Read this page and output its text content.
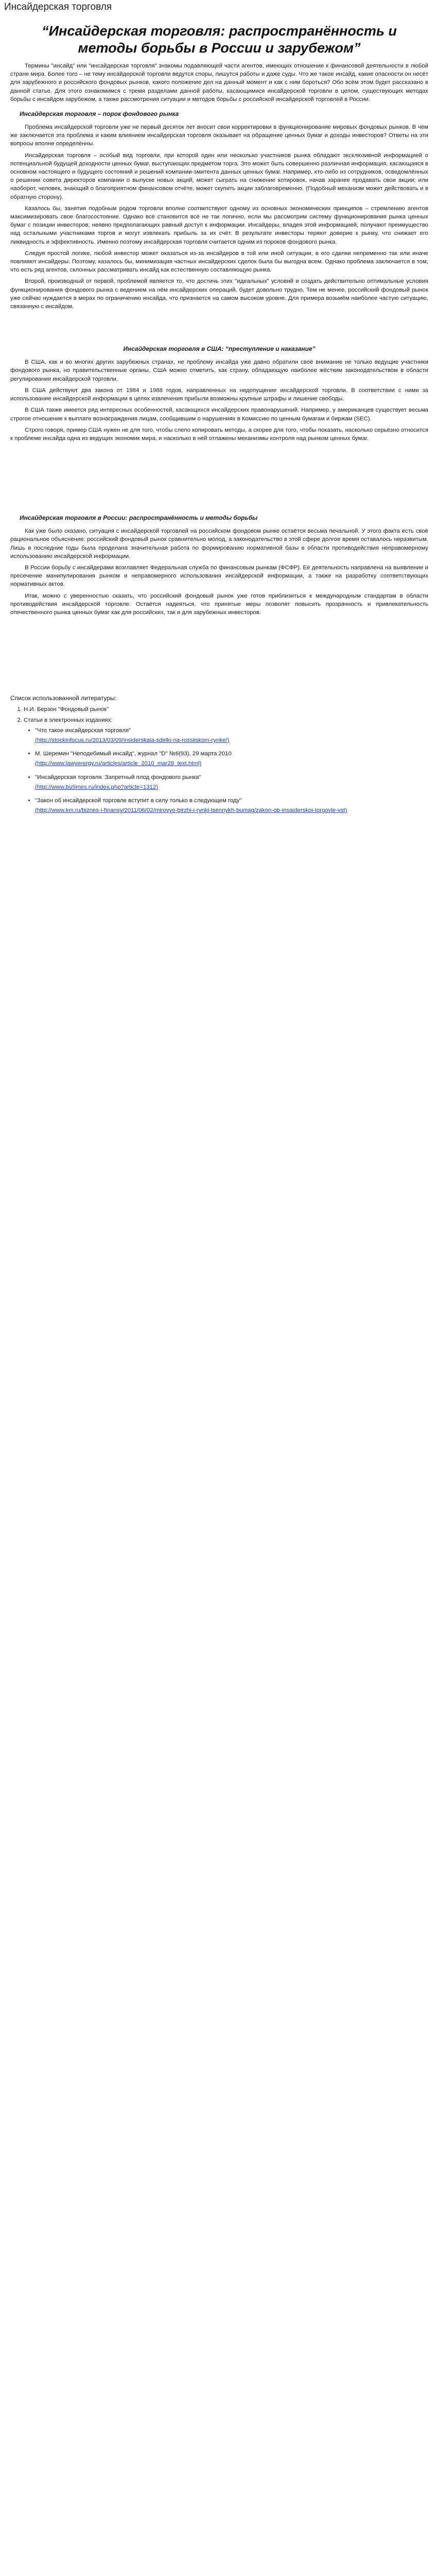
Инсайдерская торговля
“Инсайдерская торговля: распространённость и методы борьбы в России и зарубежом”

Термины "инсайд" или "инсайдерская торговля" знакомы подавляющей части агентов, имеющих отношение к финансовой деятельности в любой стране мира. Более того – не тему инсайдерской торговли ведутся споры, пишутся работы и даже суды. Что же такое инсайд, какие опасности он несёт для зарубежного и российского фондовых рынков, какого положение дел на данный момент и как с ним бороться? Обо всём этом будет рассказано в данной статье. Для этого ознакомимся с тремя разделами данной работы, касающимися инсайдерской торговли в целом, существующих методах борьбы с инсайдом зарубежом, а также рассмотрения ситуации и методов борьбы с российской инсайдерской торговлей в России.

Инсайдерская торговля – порок фондового рынка

Проблема инсайдерской торговли уже не первый десяток лет вносит свои корректировки в функционирование мировых фондовых рынков. В чём же заключается эта проблема и каким влиянием инсайдерская торговля оказывает на обращение ценных бумаг и доходы инвесторов? Ответы на эти вопросы вполне определённы.

Инсайдерская торговля – особый вид торговли, при которой один или несколько участников рынка обладают эксклюзивной информацией о потенциальной будущей доходности ценных бумаг, выступающих предметом торга. Это может быть совершенно различная информация, касающаяся в основном настоящего и будущего состояний и решений компании-эмитента данных ценных бумаг. Например, кто-либо из сотрудников, осведомлённых о решении совета директоров компании о выпуске новых акций, может сыграть на снижение котировок, начав заранее продавать свои акции; или наоборот, человек, знающий о благоприятном финансовом отчёте, может скупить акции заблаговременно. (Подобный механизм может действовать и в обратную сторону).

Казалось бы, занятия подобным родом торговли вполне соответствуют одному из основных экономических принципов – стремлению агентов максимизировать свое благосостояние. Однако всё становится всё не так логично, если мы рассмотрим систему функционирования рынка ценных бумаг с позиции инвесторов, неявно предполагающих равный доступ к информации. Инсайдеры, владея этой информацией, получают преимущество над остальными участниками торгов и могут извлекать прибыль за их счёт. В результате инвесторы теряют доверие к рынку, что снижает его ликвидность и эффективность. Именно поэтому инсайдерская торговля считается одним из пороков фондового рынка.

Следуя простой логике, любой инвестор может оказаться из-за инсайдеров в той или иной ситуации, в его сделки непременно так или иначе повлияют инсайдеры. Поэтому, казалось бы, минимизация частных инсайдерских сделок была бы выгодна всем. Однако проблема заключается в том, что есть ряд агентов, склонных рассматривать инсайд как естественную составляющую рынка.

Второй, производный от первой, проблемой является то, что достичь этих "идеальных" условий и создать действительно оптимальные условия функционирования фондового рынка с ведением на нём инсайдерских операций, будет довольно трудно. Тем не менее, российский фондовый рынок уже сейчас нуждается в мерах по ограничению инсайда, что признается на самом высоком уровне. Для примера возьмём наиболее частую ситуацию, связанную с инсайдом.

Инсайдерская торговля в США: “преступление и наказание”

В США, как и во многих других зарубежных странах, не проблему инсайда уже давно обратили своё внимание не только ведущие участники фондового рынка, но правительственные органы. США можно отметить, как страну, обладающую наиболее жёстким законодательством в области регулирования инсайдерской торговли.

В США действуют два закона от 1984 и 1988 годов, направленных на недопущение инсайдерской торговли. В соответствии с ними за использование инсайдерской информации в целях извлечения прибыли возможны крупные штрафы и лишение свободы.

В США также имеется ряд интересных особенностей, касающихся инсайдерских правонарушений. Например, у американцев существует весьма строгое отношение к выплате вознаграждения лицам, сообщившим о нарушениях в Комиссию по ценным бумагам и биржам (SEC).

Строго говоря, пример США нужен не для того, чтобы слепо копировать методы, а скорее для того, чтобы показать, насколько серьёзно относится к проблеме инсайда одна из ведущих экономик мира, и насколько в ней отлажены механизмы контроля над рынком ценных бумаг.

Инсайдерская торговля в России: распространённость и методы борьбы

Как уже было сказано, ситуация с инсайдерской торговлей на российском фондовом рынке остаётся весьма печальной. У этого факта есть своё рациональное объяснение: российский фондовый рынок сравнительно молод, а законодательство в этой сфере долгое время оставалось неразвитым. Лишь в последние годы была проделана значительная работа по формированию нормативной базы в области противодействия неправомерному использованию инсайдерской информации.

В России борьбу с инсайдерами возглавляет Федеральная служба по финансовым рынкам (ФСФР). Её деятельность направлена на выявление и пресечение манипулирования рынком и неправомерного использования инсайдерской информации, а также на разработку соответствующих нормативных актов.

Итак, можно с уверенностью сказать, что российский фондовый рынок уже готов приблизиться к международным стандартам в области противодействия инсайдерской торговле. Остаётся надеяться, что принятые меры позволят повысить прозрачность и привлекательность отечественного рынка ценных бумаг как для российских, так и для зарубежных инвесторов.

Список использованной литературы:
1. Н.И. Берзон "Фондовый рынок"
2. Статьи в электронных изданиях:
• "Что такое инсайдерская торговля"
(http://stockinfocus.ru/2013/03/09/insiderskaia-sdelki-na-rossiiskom-rynke/)
• М. Шеремин "Неподебимый инсайд", журнал "D" №6(93), 29 марта 2010
(http://www.lawyerergy.ru/articles/article_2010_mar28_text.html)
• "Инсайдерская торговля. Запретный плод фондового рынка"
(http://www.bizlimes.ru/index.php?article=1312)
• "Закон об инсайдерской торговле вступит в силу только в следующем году"
(http://www.km.ru/biznes-i-finansy/2011/06/02/mirovye-birzhi-i-rynki-tsennykh-bumag/zakon-ob-insaiderskoi-torgovle-vst)
